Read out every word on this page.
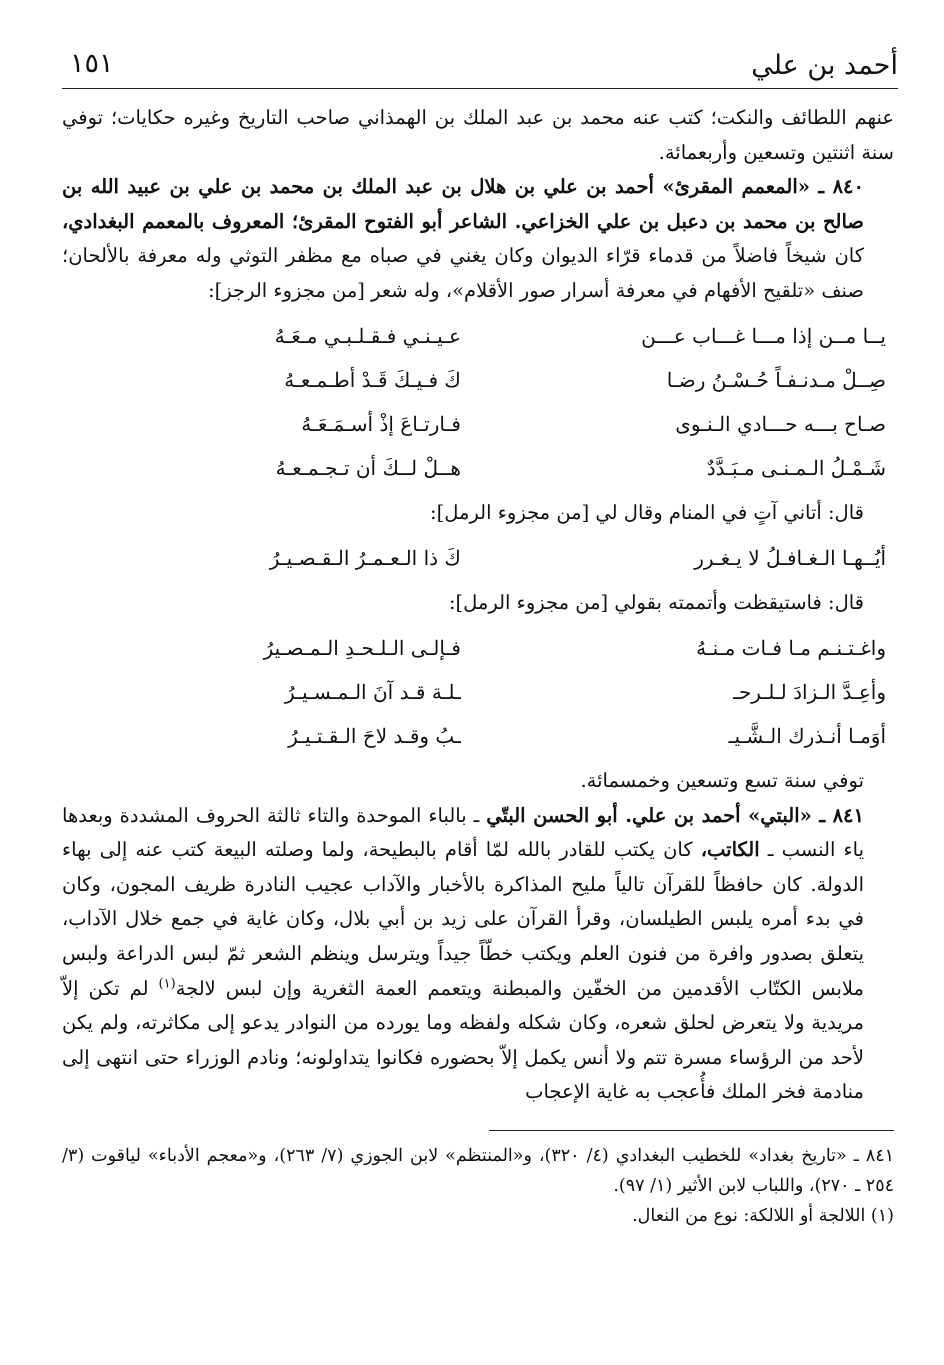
أحمد بن علي
١٥١

عنهم اللطائف والنكت؛ كتب عنه محمد بن عبد الملك بن الهمذاني صاحب التاريخ وغيره حكايات؛ توفي سنة اثنتين وتسعين وأربعمائة.

٨٤٠ ـ «المعمم المقرئ» أحمد بن علي بن هلال بن عبد الملك بن محمد بن علي بن عبيد الله بن صالح بن محمد بن دعبل بن علي الخزاعي. الشاعر أبو الفتوح المقرئ؛ المعروف بالمعمم البغدادي، كان شيخاً فاضلاً من قدماء قرّاء الديوان وكان يغني في صباه مع مظفر التوثي وله معرفة بالألحان؛ صنف «تلقيح الأفهام في معرفة أسرار صور الأقلام»، وله شعر [من مجزوء الرجز]:

يــا مــن إذا مـــا غـــاب عـــن
عـيـنـي فـقـلـبـي مـعَـهُ
صِــلْ مـدنـفـاً حُـسْـنُ رضـا
كَ فـيـكَ قَـدْ أطـمـعـهُ
صـاح بـــه حـــادي الـنـوى
فـارتـاعَ إذْ أسـمَـعَـهُ
شَـمْـلُ الـمـنـى مـبَـدَّدٌ
هــلْ لــكَ أن تـجـمـعـهُ
قال: أتاني آتٍ في المنام وقال لي [من مجزوء الرمل]:
أيُــهـا الـغـافـلُ لا يـغـرر
كَ ذا الـعـمـرُ الـقـصـيـرُ
قال: فاستيقظت وأتممته بقولي [من مجزوء الرمل]:
واغـتـنـم مـا فـات مـنـهُ
فـإلـى الـلـحـدِ الـمـصـيرُ
وأعِـدَّ الـزادَ لـلـرحـ
ـلـة قـد آنَ الـمـسـيـرُ
أوَمـا أنـذرك الـشَّـيـ
ـبُ وقـد لاحَ الـقـتـيـرُ
توفي سنة تسع وتسعين وخمسمائة.

٨٤١ ـ «البتي» أحمد بن علي. أبو الحسن البتّي ـ بالباء الموحدة والتاء ثالثة الحروف المشددة وبعدها ياء النسب ـ الكاتب، كان يكتب للقادر بالله لمّا أقام بالبطيحة، ولما وصلته البيعة كتب عنه إلى بهاء الدولة. كان حافظاً للقرآن تالياً مليح المذاكرة بالأخبار والآداب عجيب النادرة ظريف المجون، وكان في بدء أمره يلبس الطيلسان، وقرأ القرآن على زيد بن أبي بلال، وكان غاية في جمع خلال الآداب، يتعلق بصدور وافرة من فنون العلم ويكتب خطّاً جيداً ويترسل وينظم الشعر ثمّ لبس الدراعة ولبس ملابس الكتّاب الأقدمين من الخفّين والمبطنة ويتعمم العمة الثغرية وإن لبس لالجة$^{(١)}$ لم تكن إلاّ مريدية ولا يتعرض لحلق شعره، وكان شكله ولفظه وما يورده من النوادر يدعو إلى مكاثرته، ولم يكن لأحد من الرؤساء مسرة تتم ولا أنس يكمل إلاّ بحضوره فكانوا يتداولونه؛ ونادم الوزراء حتى انتهى إلى منادمة فخر الملك فأُعجب به غاية الإعجاب

٨٤١ ـ «تاريخ بغداد» للخطيب البغدادي (٤/ ٣٢٠)، و«المنتظم» لابن الجوزي (٧/ ٢٦٣)، و«معجم الأدباء» لياقوت (٣/ ٢٥٤ ـ ٢٧٠)، واللباب لابن الأثير (١/ ٩٧).

(١) اللالجة أو اللالكة: نوع من النعال.
